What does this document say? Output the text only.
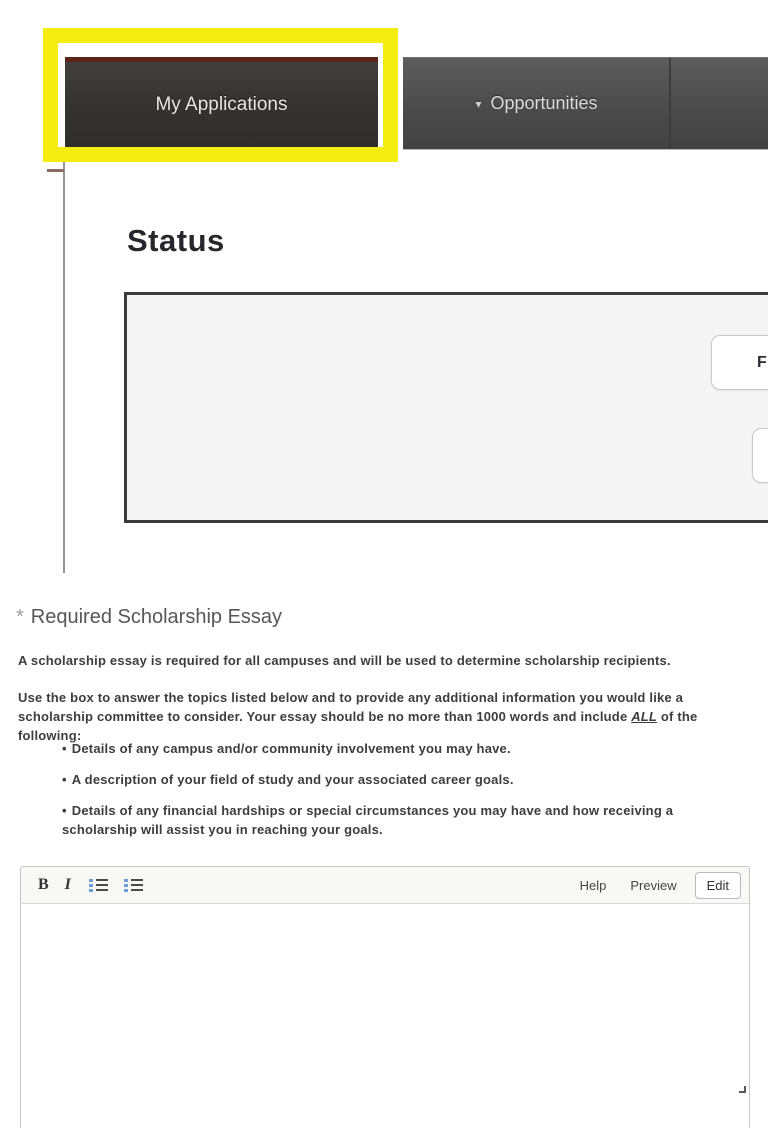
My Applications	▾ Opportunities
Status
F
* Required Scholarship Essay

A scholarship essay is required for all campuses and will be used to determine scholarship recipients.

Use the box to answer the topics listed below and to provide any additional information you would like a scholarship committee to consider. Your essay should be no more than 1000 words and include ALL of the following:

• Details of any campus and/or community involvement you may have.
• A description of your field of study and your associated career goals.
• Details of any financial hardships or special circumstances you may have and how receiving a scholarship will assist you in reaching your goals.
B I	Help	Preview	Edit
